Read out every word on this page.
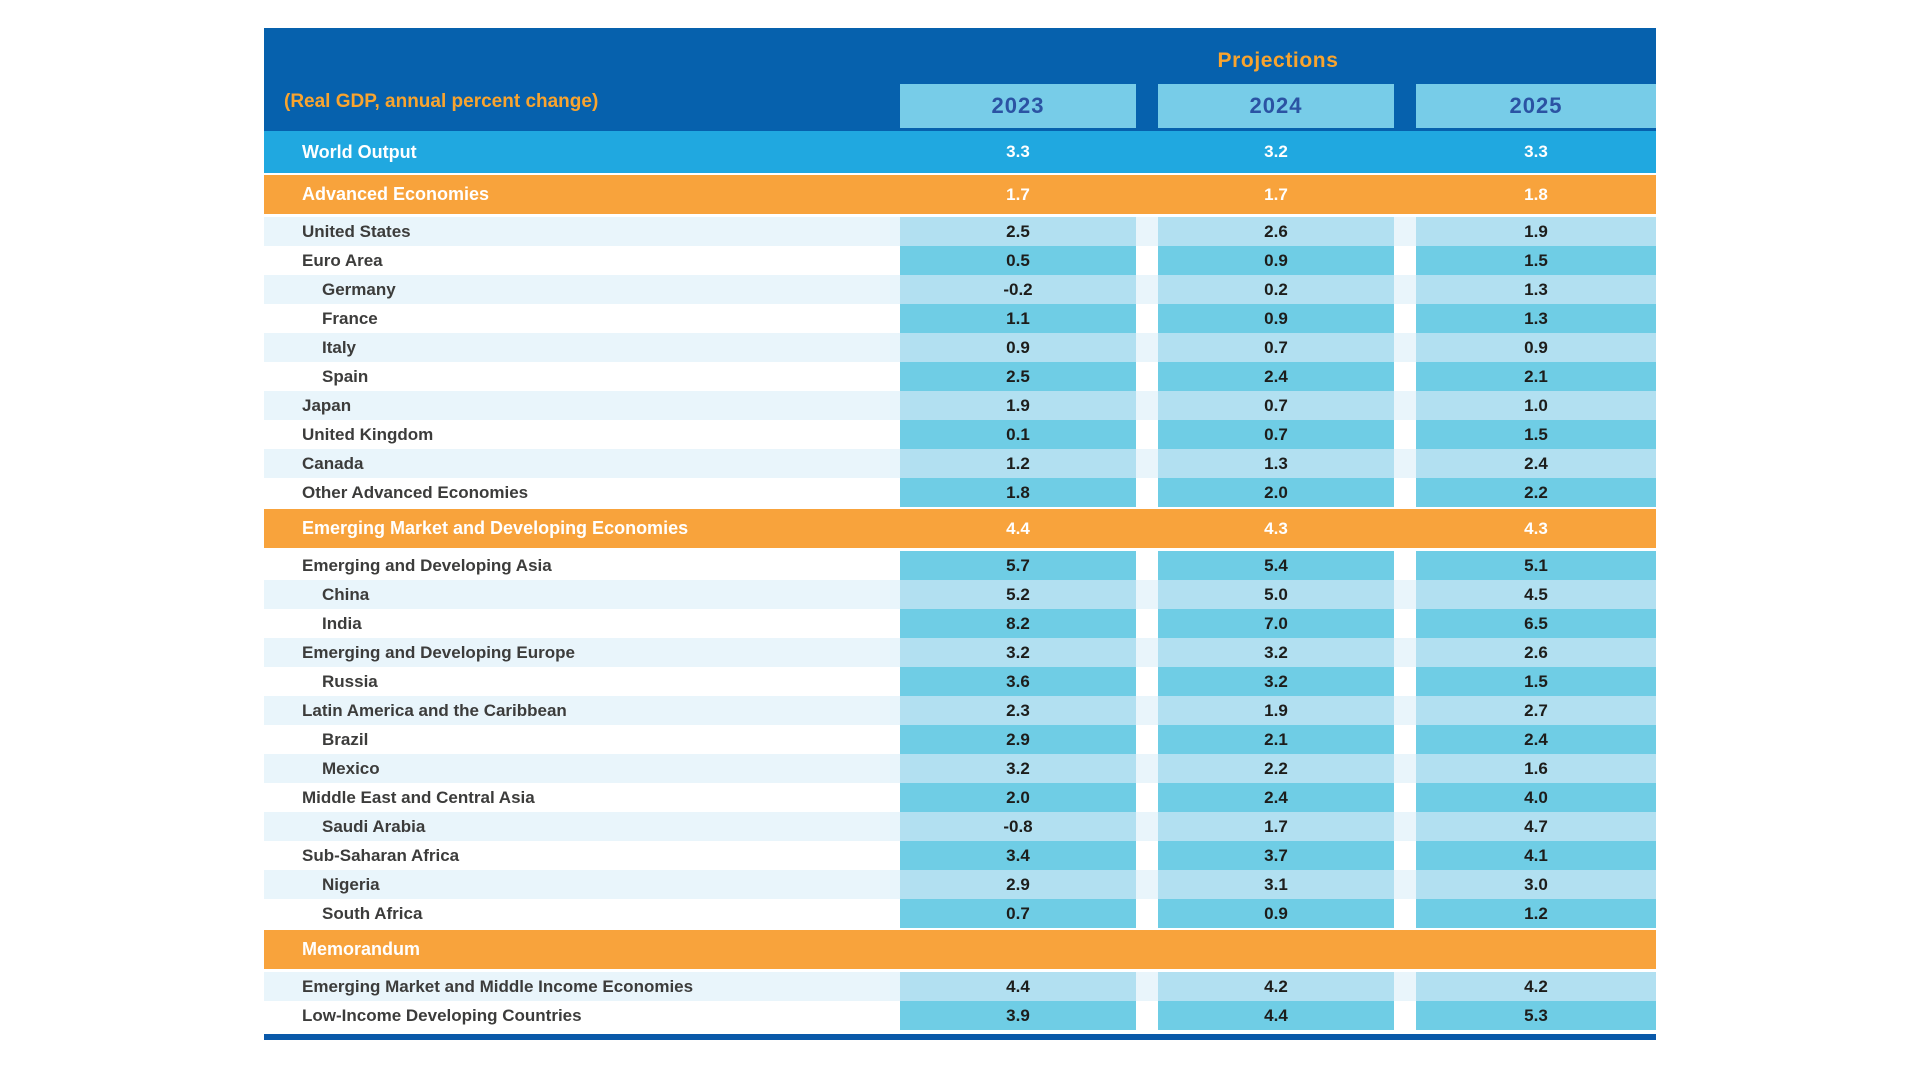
Projections
(Real GDP, annual percent change)	2023	2024	2025
World Output	3.3	3.2	3.3
Advanced Economies	1.7	1.7	1.8
United States	2.5	2.6	1.9
Euro Area	0.5	0.9	1.5
Germany	-0.2	0.2	1.3
France	1.1	0.9	1.3
Italy	0.9	0.7	0.9
Spain	2.5	2.4	2.1
Japan	1.9	0.7	1.0
United Kingdom	0.1	0.7	1.5
Canada	1.2	1.3	2.4
Other Advanced Economies	1.8	2.0	2.2
Emerging Market and Developing Economies	4.4	4.3	4.3
Emerging and Developing Asia	5.7	5.4	5.1
China	5.2	5.0	4.5
India	8.2	7.0	6.5
Emerging and Developing Europe	3.2	3.2	2.6
Russia	3.6	3.2	1.5
Latin America and the Caribbean	2.3	1.9	2.7
Brazil	2.9	2.1	2.4
Mexico	3.2	2.2	1.6
Middle East and Central Asia	2.0	2.4	4.0
Saudi Arabia	-0.8	1.7	4.7
Sub-Saharan Africa	3.4	3.7	4.1
Nigeria	2.9	3.1	3.0
South Africa	0.7	0.9	1.2
Memorandum
Emerging Market and Middle Income Economies	4.4	4.2	4.2
Low-Income Developing Countries	3.9	4.4	5.3
